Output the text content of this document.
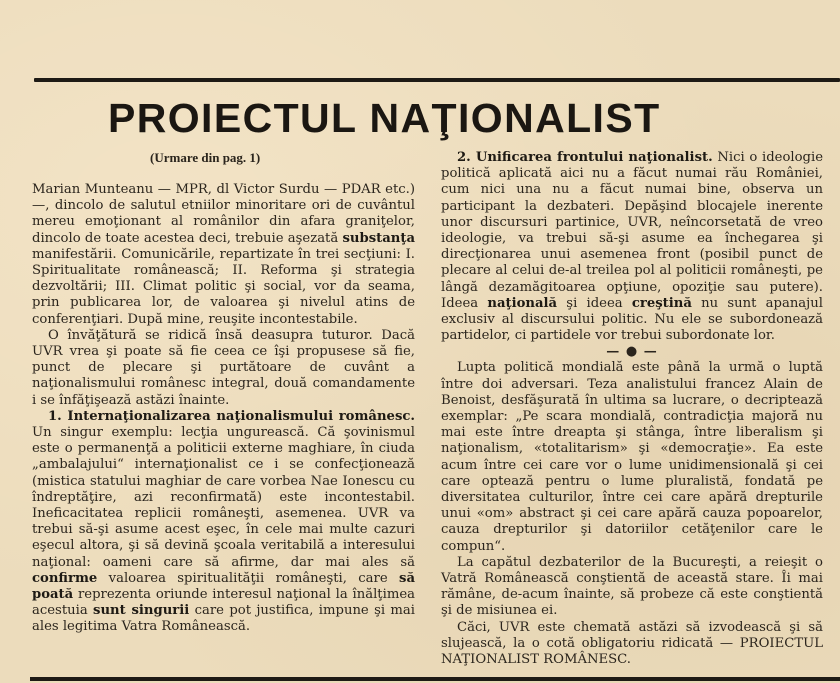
PROIECTUL NAŢIONALIST
(Urmare din pag. 1)

Marian Munteanu — MPR, dl Victor Surdu — PDAR etc.) —, dincolo de salutul etniilor minoritare ori de cuvântul mereu emoţionant al românilor din afara graniţelor, dincolo de toate acestea deci, trebuie aşezată substanţa manifestării. Comunicările, repartizate în trei secţiuni: I. Spiritualitate românească; II. Reforma şi strategia dezvoltării; III. Climat politic şi social, vor da seama, prin publicarea lor, de valoarea şi nivelul atins de conferenţiari. După mine, reuşite incontestabile.

O învăţătură se ridică însă deasupra tuturor. Dacă UVR vrea şi poate să fie ceea ce îşi propusese să fie, punct de plecare şi purtătoare de cuvânt a naţionalismului românesc integral, două comandamente i se înfăţişează astăzi înainte.

1. Internaţionalizarea naţionalismului românesc. Un singur exemplu: lecţia ungurească. Că şovinismul este o permanenţă a politicii externe maghiare, în ciuda „ambalajului“ internaţionalist ce i se confecţionează (mistica statului maghiar de care vorbea Nae Ionescu cu îndreptăţire, azi reconfirmată) este incontestabil. Ineficacitatea replicii româneşti, asemenea. UVR va trebui să-şi asume acest eşec, în cele mai multe cazuri eşecul altora, şi să devină şcoala veritabilă a interesului naţional: oameni care să afirme, dar mai ales să confirme valoarea spiritualităţii româneşti, care să poată reprezenta oriunde interesul naţional la înălţimea acestuia sunt singurii care pot justifica, impune şi mai ales legitima Vatra Românească.

2. Unificarea frontului naţionalist. Nici o ideologie politică aplicată aici nu a făcut numai rău României, cum nici una nu a făcut numai bine, observa un participant la dezbateri. Depăşind blocajele inerente unor discursuri partinice, UVR, neîncorsetată de vreo ideologie, va trebui să-şi asume ea închegarea şi direcţionarea unui asemenea front (posibil punct de plecare al celui de-al treilea pol al politicii româneşti, pe lângă dezamăgitoarea opţiune, opoziţie sau putere). Ideea naţională şi ideea creştină nu sunt apanajul exclusiv al discursului politic. Nu ele se subordonează partidelor, ci partidele vor trebui subordonate lor.

— ● —

Lupta politică mondială este până la urmă o luptă între doi adversari. Teza analistului francez Alain de Benoist, desfăşurată în ultima sa lucrare, o decriptează exemplar: „Pe scara mondială, contradicţia majoră nu mai este între dreapta şi stânga, între liberalism şi naţionalism, «totalitarism» şi «democraţie». Ea este acum între cei care vor o lume unidimensională şi cei care optează pentru o lume pluralistă, fondată pe diversitatea culturilor, între cei care apără drepturile unui «om» abstract şi cei care apără cauza popoarelor, cauza drepturilor şi datoriilor cetăţenilor care le compun“.

La capătul dezbaterilor de la Bucureşti, a reieşit o Vatră Românească conştientă de această stare. Îi mai rămâne, de-acum înainte, să probeze că este conştientă şi de misiunea ei.

Căci, UVR este chemată astăzi să izvodească şi să slujească, la o cotă obligatoriu ridicată — PROIECTUL NAŢIONALIST ROMÂNESC.
